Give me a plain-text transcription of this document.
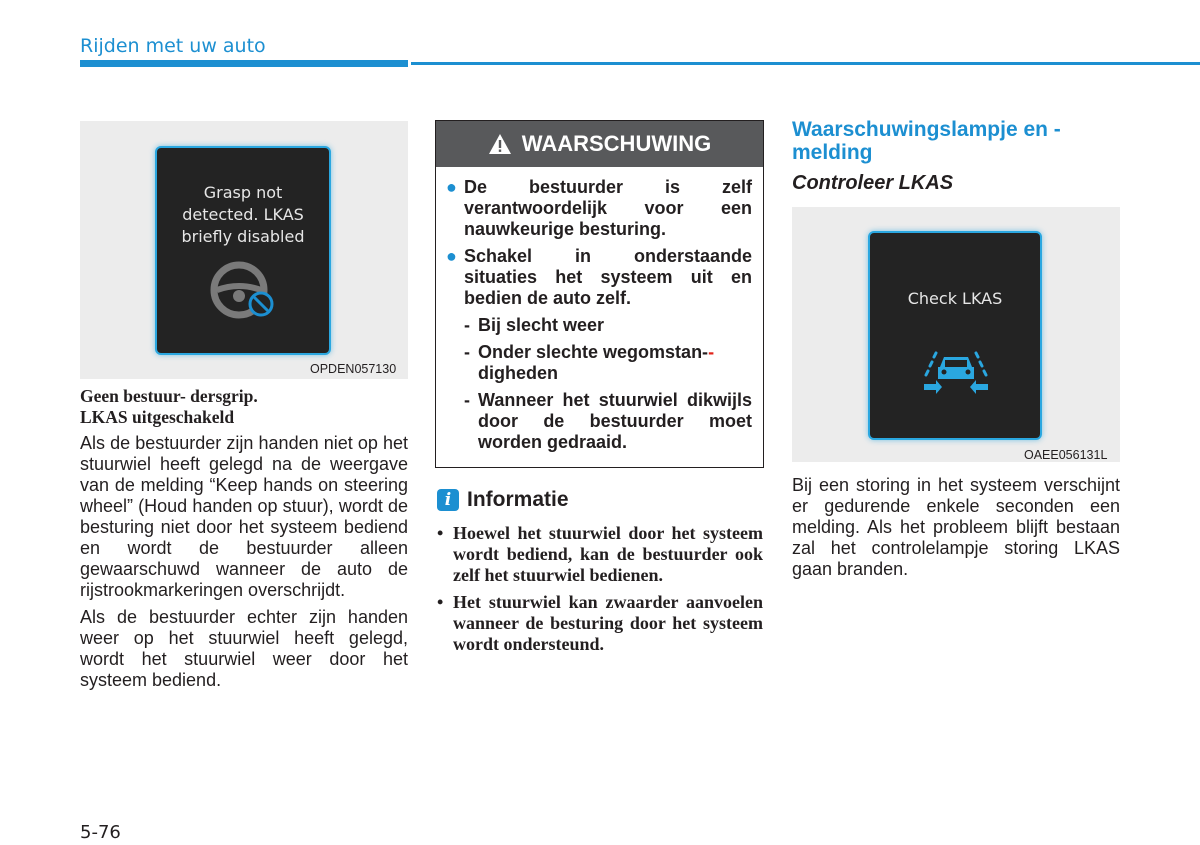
Rijden met uw auto
Grasp not
detected. LKAS
briefly disabled
OPDEN057130
Geen bestuur- dersgrip.
LKAS uitgeschakeld

Als de bestuurder zijn handen niet op het stuurwiel heeft gelegd na de weergave van de melding “Keep hands on steering wheel” (Houd handen op stuur), wordt de besturing niet door het systeem bediend en wordt de bestuurder alleen gewaarschuwd wanneer de auto de rijstrookmarkeringen overschrijdt.

Als de bestuurder echter zijn handen weer op het stuurwiel heeft gelegd, wordt het stuurwiel weer door het systeem bediend.

WAARSCHUWING
● De bestuurder is zelf verantwoordelijk voor een nauwkeurige besturing.
● Schakel in onderstaande situaties het systeem uit en bedien de auto zelf.
- Bij slecht weer
- Onder slechte wegomstan--
digheden
- Wanneer het stuurwiel dikwijls door de bestuurder moet worden gedraaid.
i Informatie
• Hoewel het stuurwiel door het systeem wordt bediend, kan de bestuurder ook zelf het stuurwiel bedienen.
• Het stuurwiel kan zwaarder aanvoelen wanneer de besturing door het systeem wordt ondersteund.
Waarschuwingslampje en -melding
Controleer LKAS
Check LKAS
OAEE056131L

Bij een storing in het systeem verschijnt er gedurende enkele seconden een melding. Als het probleem blijft bestaan zal het controlelampje storing LKAS gaan branden.

5-76
